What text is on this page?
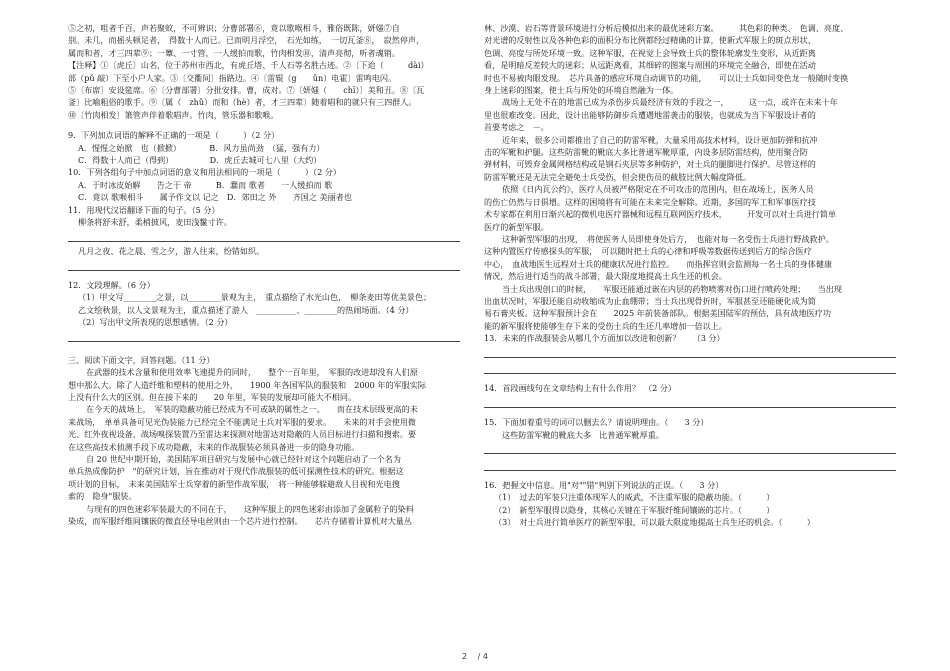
⑤之初，咀者千百，声若聚蚊，不可辨识；分曹部署⑥，竟以歌喉相斗，雅俗既陈，妍媸⑦自

别。未几，而摇头顿足者，　得数十人而已。已而明月浮空，　石光如练，　一切瓦釜⑧，　寂然停声，

属而和者，才三四辈⑨；一簟、一寸管，一人缓拍而歌，竹肉相发⑩，清声亮彻，听者魂销。

【注释】①〔虎丘〕山名，位于苏州市西北，有虎丘塔、千人石等名胜古迹。②〔下迨（　　　dài）

部（pǔ 敲）下至小户人家。③〔交衢间〕指路边。④〔雷辊（g　　ǔn）电霍〕雷鸣电闪。

⑤〔布席〕安设筵席。⑥〔分曹部署〕分批安排。曹，成对。⑦〔妍媸（　　chī）〕美和丑。⑧〔瓦

釜〕比喻粗俗的歌手。⑨〔属（　zhǔ）而和（hè）者，才三四辈〕随着唱和的就只有三四群人。

⑩〔竹肉相发〕箫管声伴着歌唱声。竹肉，管乐器和歌喉。

9．下列加点词语的解释不正确的一项是（　　　）（2 分）

A．惺惺之始掀　也（掀掀）　　　　B．风力虽尚劲　（猛，强有力）

C．得数十人而已（得到）　　　　　D．虎丘去城可七八里（大约）

10．下列各组句子中加点词语的意义和用法相同的一项是（　　　）（2 分）

A．于时冰皮始解　　告之于 帝　　　B．蠢而 歌者　　一人缓拍而 歌

C．竟以 歌喉相斗　　属予作文以 记之　D．郊田之 外　　齐国之 美丽者也

11．用现代汉语翻译下面的句子。（5 分）

柳条将舒未舒，柔梢披风，麦田浅鬣寸许。

凡月之夜、花之晨、雪之夕，游人往来，纷错如织。

12．文段理解。（6 分）

（1）甲文写________之景，以________景观为主，　重点描绘了水光山色，　柳条麦田等优美景色；

乙文绘秋景，以人文景观为主，重点描述了游人　__________、________的热闹场面。（4 分）

（2）写出甲文所表现的思想感情。（2 分）

三、阅读下面文字，回答问题。（11 分）

在武器的技术含量和使用效率飞速提升的同时，　　整个一百年里，　军服的改进却没有人们原

想中那么大。除了人造纤维和塑料的使用之外，　　1900 年各国军队的服装和　2000 年的军服实际

上没有什么大的区别。但在接下来的　　20 年里，军装的发展却可能大不相同。

在今天的战场上，　军装的隐蔽功能已经成为不可或缺的属性之一。　　而在技术层级更高的未

来战场，　单单具备可见光伪装能力已经完全不能满足士兵对军服的要求。　　未来的对手会使用微

光、红外夜视设备、战场嗅探装置乃至雷达来探测对地雷达对隐蔽的人员目标进行扫描和搜索。要

在这些高技术侦测手段下成功隐蔽，未来的作战服装必须具备进一步的隐身功能。

自 20 世纪中期开始，美国陆军项目研究与发展中心就已经针对这个问题启动了一个名为

单兵热成像防护　"的研究计划，旨在推动对于现代作战服装的低可探测性技术的研究。根据这

项计划的目标，　未来美国陆军士兵穿着的新型作战军服，　将一种能够躲避敌人目视和光电搜

索的　隐身"服装。

与现有的四色迷彩军装最大的不同在于，　　这种军服上的四色迷彩由添加了金属粒子的染料

染成，而军服纤维间镶嵌的微直径导电丝则由一个芯片进行控制。　　芯片存储着计算机对大量丛

林、沙漠、岩石等背景环境进行分析后模拟出来的最优迷彩方案。　　　其色彩的种类、　色调、亮度、

对光谱的反射性以及各种色彩的面积分布比例都经过精确的计算，使新式军服上的斑点形状、

色调、亮度与所处环境一致。这种军服，在视觉上会导致士兵的整体轮廓发生变形，从近距离

看，是明暗反差较大的迷彩；从远距离看，其细碎的图案与周围的环境完全融合，即使在活动

时也不易被肉眼发现。　芯片具备的感应环境自动调节的功能，　　可以让士兵如同变色龙一般随时变换

身上迷彩的图案，使士兵与所处的环境自然融为一体。

战场上无处不在的地雷已成为杀伤步兵最经济有效的手段之一，　　　这一点，或许在未来十年

里也很难改变。因此，设计出能够防御步兵遭遇地雷袭击的服装，也就成为当下军服设计者的

首要考虑之　－。

近年来，很多公司都推出了自己的防雷军靴，大量采用高技术材料，设计更加防弹和抗冲

击的军靴和护腿。这些防雷靴的靴底大多比普通军靴厚重，内设多层防雷结构，使用聚合防

弹材料，可毁弃金属网格结构或是钢石夹层等多种防护，对士兵的腿脚进行保护。尽管这样的

防雷军靴还是无法完全避免士兵受伤，但会使伤员的截肢比例大幅度降低。

依照《日内瓦公约》，医疗人员被严格限定在不可攻击的范围内，但在战场上，医务人员

的伤亡仍然与日俱增。这样的困境将有可能在未来完全解除。近期，多国的军工和军事医疗技

术专家都在利用日渐兴起的微机电医疗器械和远程互联网医疗技术，　　　开发可以对士兵进行简单

医疗的新型军服。

这种新型军服的出现，　将使医务人员即使身处后方，　也能对每一名受伤士兵进行野战救护。

这种内置医疗传感探头的军服，　可以随时把士兵的心律和呼吸等数据传送到后方的综合医疗

中心，　血战地医生远程对士兵的健康状况进行监控。　　而指挥官则会监测每一名士兵的身体健康

情况，然后进行适当的战斗部署，最大限度地提高士兵生还的机会。

当士兵出现创口的时候，　　军服还能通过嵌在内层的药物喷雾对伤口进行喷药处理；　　当出现

出血状况时，军服还能自动收缩成为止血绷带；当士兵出现骨折时，军服甚至还能硬化成为简

易石膏夹板。这种军服预计会在　　2025 年前装备部队。根据美国陆军的预估，具有战地医疗功

能的新军服将使能够生存下来的受伤士兵的生还几率增加一倍以上。

13．未来的作战服装会从哪几个方面加以改进和创新？　　（3 分）

14．首段画线句在文章结构上有什么作用？　（2 分）

15．下面加着重号的词可以删去么？请说明理由。（　　3 分）

这些防雷军靴的靴底大多　比普通军靴厚重。

16．把握文中信息。用"对""错"判别下列说法的正误。（　　3 分）

（1）　过去的军装只注重体现军人的威武，不注重军服的隐蔽功能。（　　　）

（2）　新型军服得以隐身，其核心关键在于军服纤维间镶嵌的芯片。（　　　）

（3）　对士兵进行简单医疗的新型军服，可以最大限度地提高士兵生还的机会。（　　　）

2 　/ 4
